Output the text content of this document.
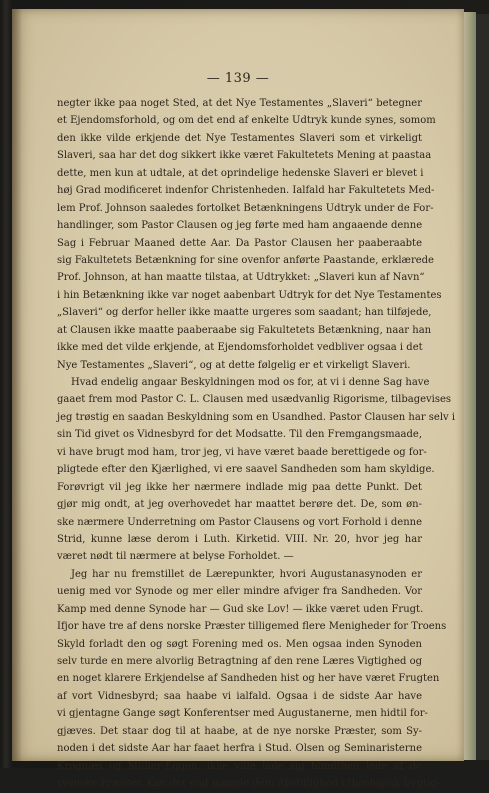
— 139 —
negter ikke paa noget Sted, at det Nye Testamentes „Slaveri“ betegner
et Ejendomsforhold, og om det end af enkelte Udtryk kunde synes, somom
den ikke vilde erkjende det Nye Testamentes Slaveri som et virkeligt
Slaveri, saa har det dog sikkert ikke været Fakultetets Mening at paastaa
dette, men kun at udtale, at det oprindelige hedenske Slaveri er blevet i
høj Grad modificeret indenfor Christenheden. Ialfald har Fakultetets Med-
lem Prof. Johnson saaledes fortolket Betænkningens Udtryk under de For-
handlinger, som Pastor Clausen og jeg førte med ham angaaende denne
Sag i Februar Maaned dette Aar. Da Pastor Clausen her paaberaabte
sig Fakultetets Betænkning for sine ovenfor anførte Paastande, erklærede
Prof. Johnson, at han maatte tilstaa, at Udtrykket: „Slaveri kun af Navn“
i hin Betænkning ikke var noget aabenbart Udtryk for det Nye Testamentes
„Slaveri“ og derfor heller ikke maatte urgeres som saadant; han tilføjede,
at Clausen ikke maatte paaberaabe sig Fakultetets Betænkning, naar han
ikke med det vilde erkjende, at Ejendomsforholdet vedbliver ogsaa i det
Nye Testamentes „Slaveri“, og at dette følgelig er et virkeligt Slaveri.
Hvad endelig angaar Beskyldningen mod os for, at vi i denne Sag have
gaaet frem mod Pastor C. L. Clausen med usædvanlig Rigorisme, tilbagevises
jeg trøstig en saadan Beskyldning som en Usandhed. Pastor Clausen har selv i
sin Tid givet os Vidnesbyrd for det Modsatte. Til den Fremgangsmaade,
vi have brugt mod ham, tror jeg, vi have været baade berettigede og for-
pligtede efter den Kjærlighed, vi ere saavel Sandheden som ham skyldige.
Forøvrigt vil jeg ikke her nærmere indlade mig paa dette Punkt. Det
gjør mig ondt, at jeg overhovedet har maattet berøre det. De, som øn-
ske nærmere Underretning om Pastor Clausens og vort Forhold i denne
Strid, kunne læse derom i Luth. Kirketid. VIII. Nr. 20, hvor jeg har
været nødt til nærmere at belyse Forholdet. —
Jeg har nu fremstillet de Lærepunkter, hvori Augustanasynoden er
uenig med vor Synode og mer eller mindre afviger fra Sandheden. Vor
Kamp med denne Synode har — Gud ske Lov! — ikke været uden Frugt.
Ifjor have tre af dens norske Præster tilligemed flere Menigheder for Troens
Skyld forladt den og søgt Forening med os. Men ogsaa inden Synoden
selv turde en mere alvorlig Betragtning af den rene Læres Vigtighed og
en noget klarere Erkjendelse af Sandheden hist og her have været Frugten
af vort Vidnesbyrd; saa haabe vi ialfald. Ogsaa i de sidste Aar have
vi gjentagne Gange søgt Konferentser med Augustanerne, men hidtil for-
gjæves. Det staar dog til at haabe, at de nye norske Præster, som Sy-
noden i det sidste Aar har faaet herfra i Stud. Olsen og Seminaristerne
Krognæs og Müller-Eggen, ikke ville lade sig blindthen lede af de
svenske Præster. Kan der end mangle dem Abstillighed i theologisk Dygtig-
